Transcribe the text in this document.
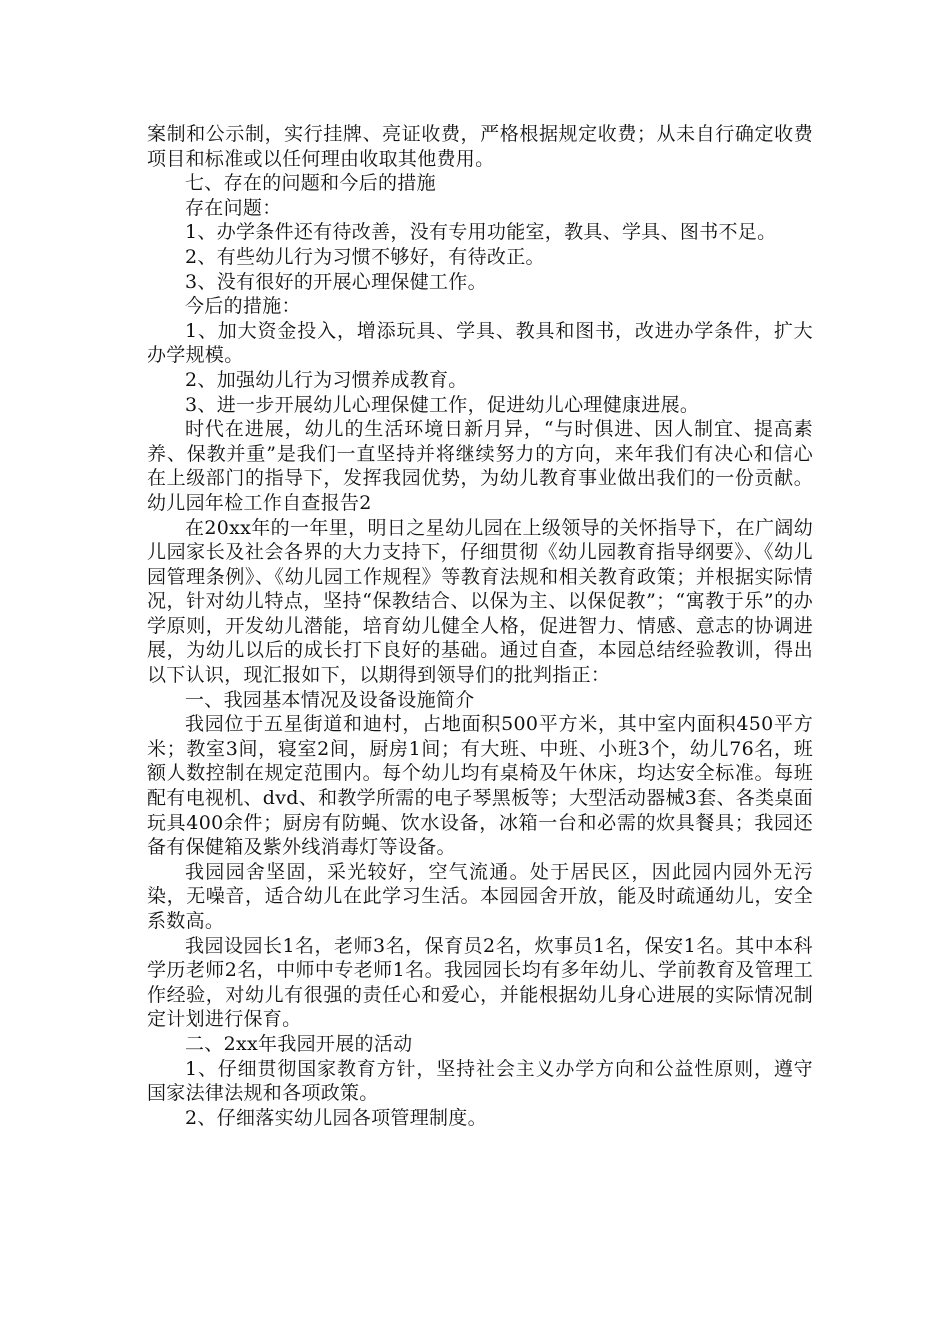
案制和公示制，实行挂牌、亮证收费，严格根据规定收费；从未自行确定收费项目和标准或以任何理由收取其他费用。

七、存在的问题和今后的措施

存在问题：

1、办学条件还有待改善，没有专用功能室，教具、学具、图书不足。

2、有些幼儿行为习惯不够好，有待改正。

3、没有很好的开展心理保健工作。

今后的措施：

1、加大资金投入，增添玩具、学具、教具和图书，改进办学条件，扩大办学规模。

2、加强幼儿行为习惯养成教育。

3、进一步开展幼儿心理保健工作，促进幼儿心理健康进展。

时代在进展，幼儿的生活环境日新月异，“与时俱进、因人制宜、提高素养、保教并重”是我们一直坚持并将继续努力的方向，来年我们有决心和信心在上级部门的指导下，发挥我园优势，为幼儿教育事业做出我们的一份贡献。幼儿园年检工作自查报告2

在20xx年的一年里，明日之星幼儿园在上级领导的关怀指导下，在广阔幼儿园家长及社会各界的大力支持下，仔细贯彻《幼儿园教育指导纲要》、《幼儿园管理条例》、《幼儿园工作规程》等教育法规和相关教育政策；并根据实际情况，针对幼儿特点，坚持“保教结合、以保为主、以保促教”；“寓教于乐”的办学原则，开发幼儿潜能，培育幼儿健全人格，促进智力、情感、意志的协调进展，为幼儿以后的成长打下良好的基础。通过自查，本园总结经验教训，得出以下认识，现汇报如下，以期得到领导们的批判指正：

一、我园基本情况及设备设施简介

我园位于五星街道和迪村，占地面积500平方米，其中室内面积450平方米；教室3间，寝室2间，厨房1间；有大班、中班、小班3个，幼儿76名，班额人数控制在规定范围内。每个幼儿均有桌椅及午休床，均达安全标准。每班配有电视机、dvd、和教学所需的电子琴黑板等；大型活动器械3套、各类桌面玩具400余件；厨房有防蝇、饮水设备，冰箱一台和必需的炊具餐具；我园还备有保健箱及紫外线消毒灯等设备。

我园园舍坚固，采光较好，空气流通。处于居民区，因此园内园外无污染，无噪音，适合幼儿在此学习生活。本园园舍开放，能及时疏通幼儿，安全系数高。

我园设园长1名，老师3名，保育员2名，炊事员1名，保安1名。其中本科学历老师2名，中师中专老师1名。我园园长均有多年幼儿、学前教育及管理工作经验，对幼儿有很强的责任心和爱心，并能根据幼儿身心进展的实际情况制定计划进行保育。

二、2xx年我园开展的活动

1、仔细贯彻国家教育方针，坚持社会主义办学方向和公益性原则，遵守国家法律法规和各项政策。

2、仔细落实幼儿园各项管理制度。
